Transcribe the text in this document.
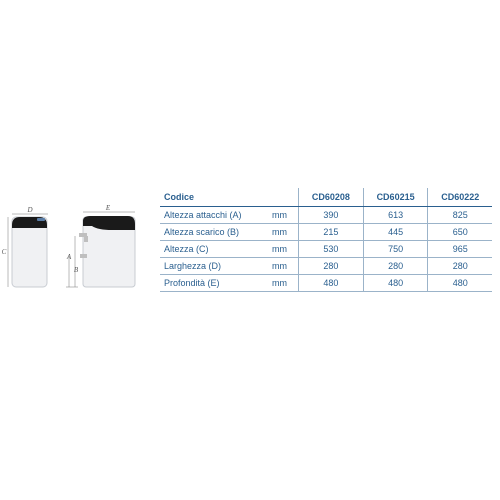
D
C
E
A
B
Codice		CD60208	CD60215	CD60222
Altezza attacchi (A)	mm	390	613	825
Altezza scarico (B)	mm	215	445	650
Altezza (C)	mm	530	750	965
Larghezza (D)	mm	280	280	280
Profondità (E)	mm	480	480	480
